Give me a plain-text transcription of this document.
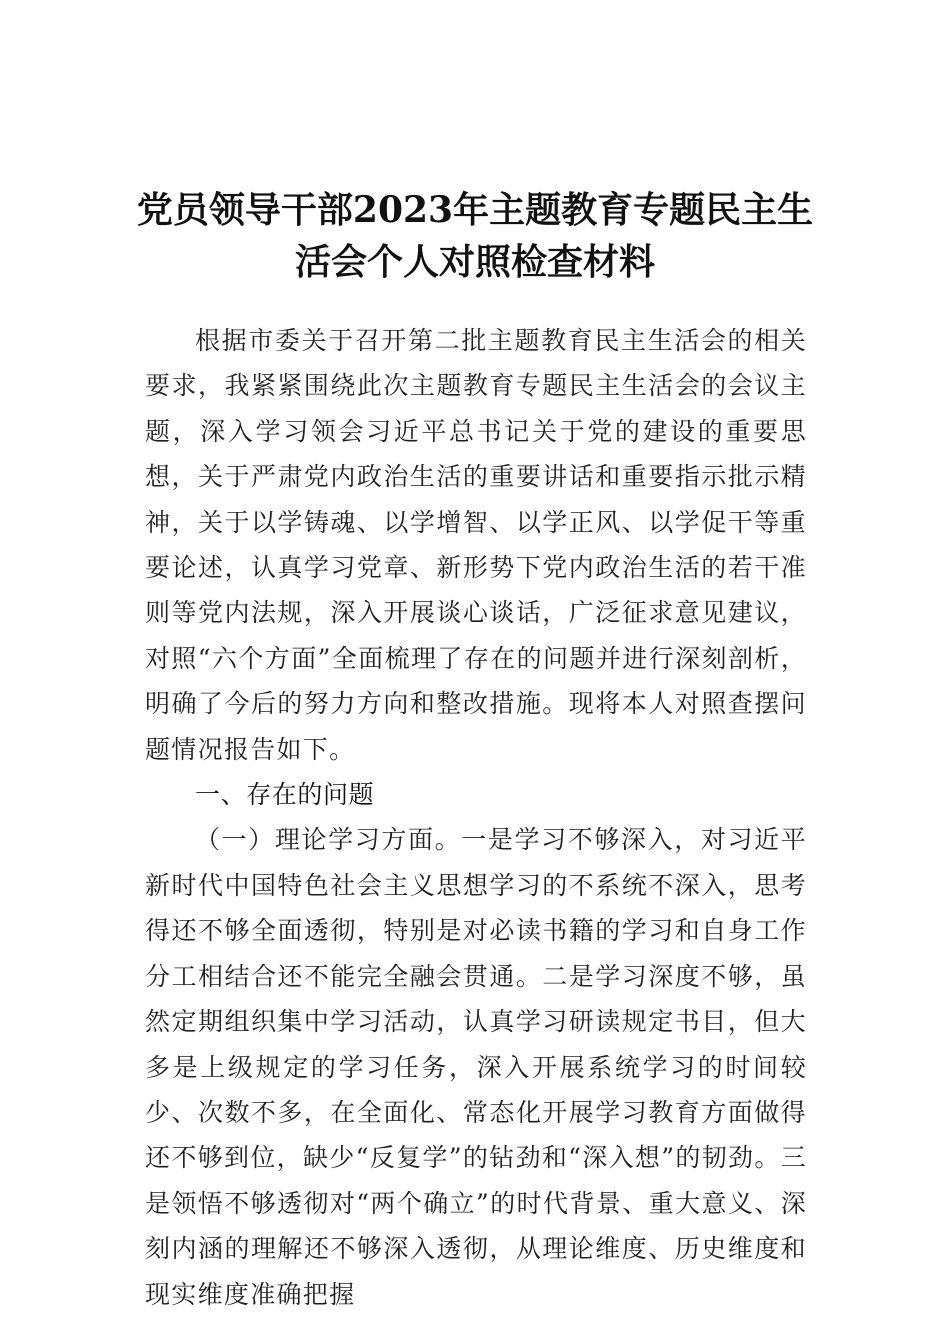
党员领导干部2023年主题教育专题民主生
活会个人对照检查材料

根据市委关于召开第二批主题教育民主生活会的相关要求，我紧紧围绕此次主题教育专题民主生活会的会议主题，深入学习领会习近平总书记关于党的建设的重要思想，关于严肃党内政治生活的重要讲话和重要指示批示精神，关于以学铸魂、以学增智、以学正风、以学促干等重要论述，认真学习党章、新形势下党内政治生活的若干准则等党内法规，深入开展谈心谈话，广泛征求意见建议，对照“六个方面”全面梳理了存在的问题并进行深刻剖析，明确了今后的努力方向和整改措施。现将本人对照查摆问题情况报告如下。

一、存在的问题

（一）理论学习方面。一是学习不够深入，对习近平新时代中国特色社会主义思想学习的不系统不深入，思考得还不够全面透彻，特别是对必读书籍的学习和自身工作分工相结合还不能完全融会贯通。二是学习深度不够，虽然定期组织集中学习活动，认真学习研读规定书目，但大多是上级规定的学习任务，深入开展系统学习的时间较少、次数不多，在全面化、常态化开展学习教育方面做得还不够到位，缺少“反复学”的钻劲和“深入想”的韧劲。三是领悟不够透彻对“两个确立”的时代背景、重大意义、深刻内涵的理解还不够深入透彻，从理论维度、历史维度和现实维度准确把握
